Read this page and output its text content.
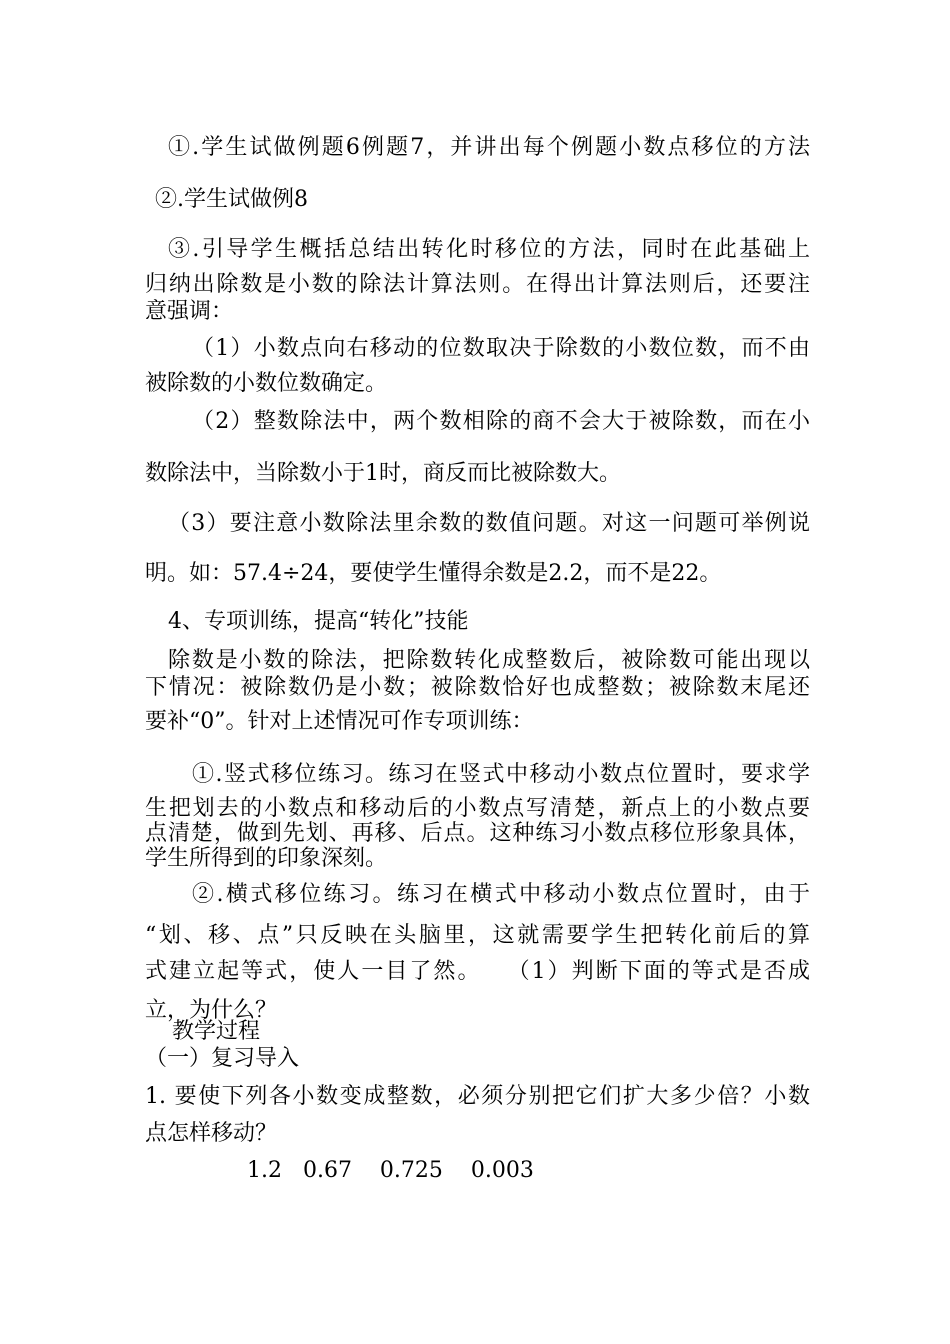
①.学生试做例题6例题7，并讲出每个例题小数点移位的方法
②.学生试做例8
③.引导学生概括总结出转化时移位的方法，同时在此基础上
归纳出除数是小数的除法计算法则。在得出计算法则后，还要注
意强调：
（1）小数点向右移动的位数取决于除数的小数位数，而不由
被除数的小数位数确定。
（2）整数除法中，两个数相除的商不会大于被除数，而在小
数除法中，当除数小于1时，商反而比被除数大。
（3）要注意小数除法里余数的数值问题。对这一问题可举例说
明。如：57.4÷24，要使学生懂得余数是2.2，而不是22。
4、专项训练，提高“转化”技能
除数是小数的除法，把除数转化成整数后，被除数可能出现以
下情况：被除数仍是小数；被除数恰好也成整数；被除数末尾还
要补“0”。针对上述情况可作专项训练：
①.竖式移位练习。练习在竖式中移动小数点位置时，要求学
生把划去的小数点和移动后的小数点写清楚，新点上的小数点要
点清楚，做到先划、再移、后点。这种练习小数点移位形象具体，
学生所得到的印象深刻。
②.横式移位练习。练习在横式中移动小数点位置时，由于
“划、移、点”只反映在头脑里，这就需要学生把转化前后的算
式建立起等式，使人一目了然。　　（1）判断下面的等式是否成
立，为什么？
教学过程
（一）复习导入
1. 要使下列各小数变成整数，必须分别把它们扩大多少倍？小数
点怎样移动？
1.2   0.67    0.725    0.003
